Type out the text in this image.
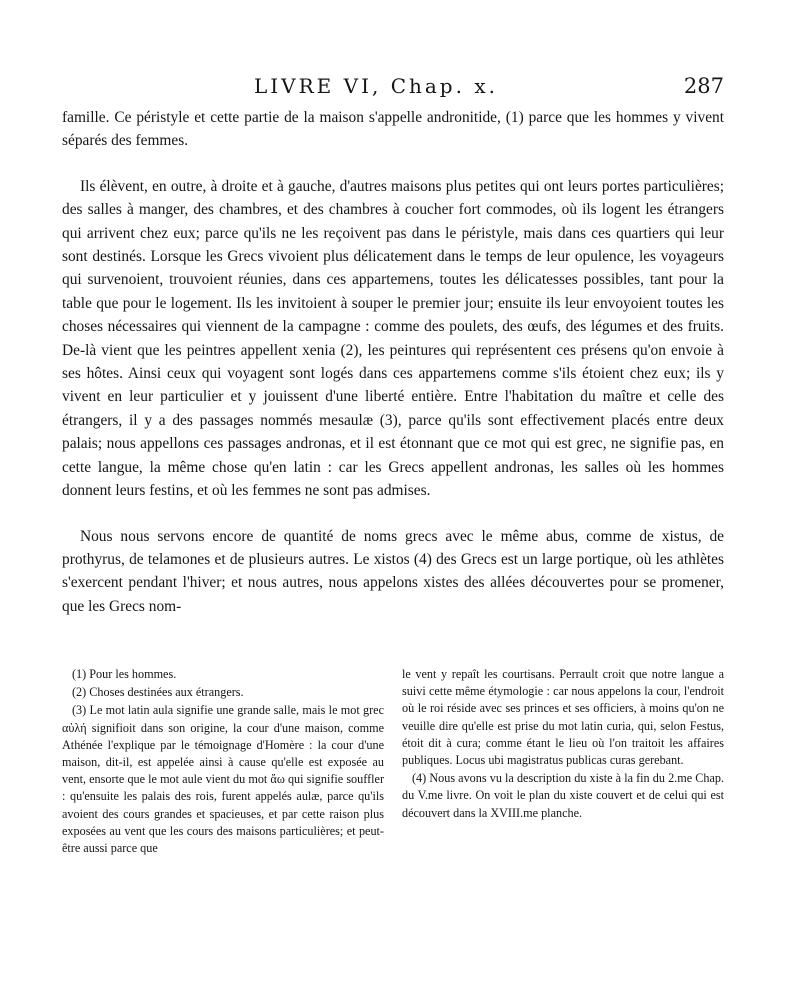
LIVRE VI, Chap. x.	287

famille. Ce péristyle et cette partie de la maison s'appelle andronitide, (1) parce que les hommes y vivent séparés des femmes.

Ils élèvent, en outre, à droite et à gauche, d'autres maisons plus petites qui ont leurs portes particulières; des salles à manger, des chambres, et des chambres à coucher fort commodes, où ils logent les étrangers qui arrivent chez eux; parce qu'ils ne les reçoivent pas dans le péristyle, mais dans ces quartiers qui leur sont destinés. Lorsque les Grecs vivoient plus délicatement dans le temps de leur opulence, les voyageurs qui survenoient, trouvoient réunies, dans ces appartemens, toutes les délicatesses possibles, tant pour la table que pour le logement. Ils les invitoient à souper le premier jour; ensuite ils leur envoyoient toutes les choses nécessaires qui viennent de la campagne : comme des poulets, des œufs, des légumes et des fruits. De-là vient que les peintres appellent xenia (2), les peintures qui représentent ces présens qu'on envoie à ses hôtes. Ainsi ceux qui voyagent sont logés dans ces appartemens comme s'ils étoient chez eux; ils y vivent en leur particulier et y jouissent d'une liberté entière. Entre l'habitation du maître et celle des étrangers, il y a des passages nommés mesaulæ (3), parce qu'ils sont effectivement placés entre deux palais; nous appellons ces passages andronas, et il est étonnant que ce mot qui est grec, ne signifie pas, en cette langue, la même chose qu'en latin : car les Grecs appellent andronas, les salles où les hommes donnent leurs festins, et où les femmes ne sont pas admises.

Nous nous servons encore de quantité de noms grecs avec le même abus, comme de xistus, de prothyrus, de telamones et de plusieurs autres. Le xistos (4) des Grecs est un large portique, où les athlètes s'exercent pendant l'hiver; et nous autres, nous appelons xistes des allées découvertes pour se promener, que les Grecs nom-

(1) Pour les hommes.

(2) Choses destinées aux étrangers.

(3) Le mot latin aula signifie une grande salle, mais le mot grec αὐλή signifioit dans son origine, la cour d'une maison, comme Athénée l'explique par le témoignage d'Homère : la cour d'une maison, dit-il, est appelée ainsi à cause qu'elle est exposée au vent, ensorte que le mot aule vient du mot ἄω qui signifie souffler : qu'ensuite les palais des rois, furent appelés aulæ, parce qu'ils avoient des cours grandes et spacieuses, et par cette raison plus exposées au vent que les cours des maisons particulières; et peut-être aussi parce que

le vent y repaît les courtisans. Perrault croit que notre langue a suivi cette même étymologie : car nous appelons la cour, l'endroit où le roi réside avec ses princes et ses officiers, à moins qu'on ne veuille dire qu'elle est prise du mot latin curia, qui, selon Festus, étoit dit à cura; comme étant le lieu où l'on traitoit les affaires publiques. Locus ubi magistratus publicas curas gerebant.

(4) Nous avons vu la description du xiste à la fin du 2.me Chap. du V.me livre. On voit le plan du xiste couvert et de celui qui est découvert dans la XVIII.me planche.
